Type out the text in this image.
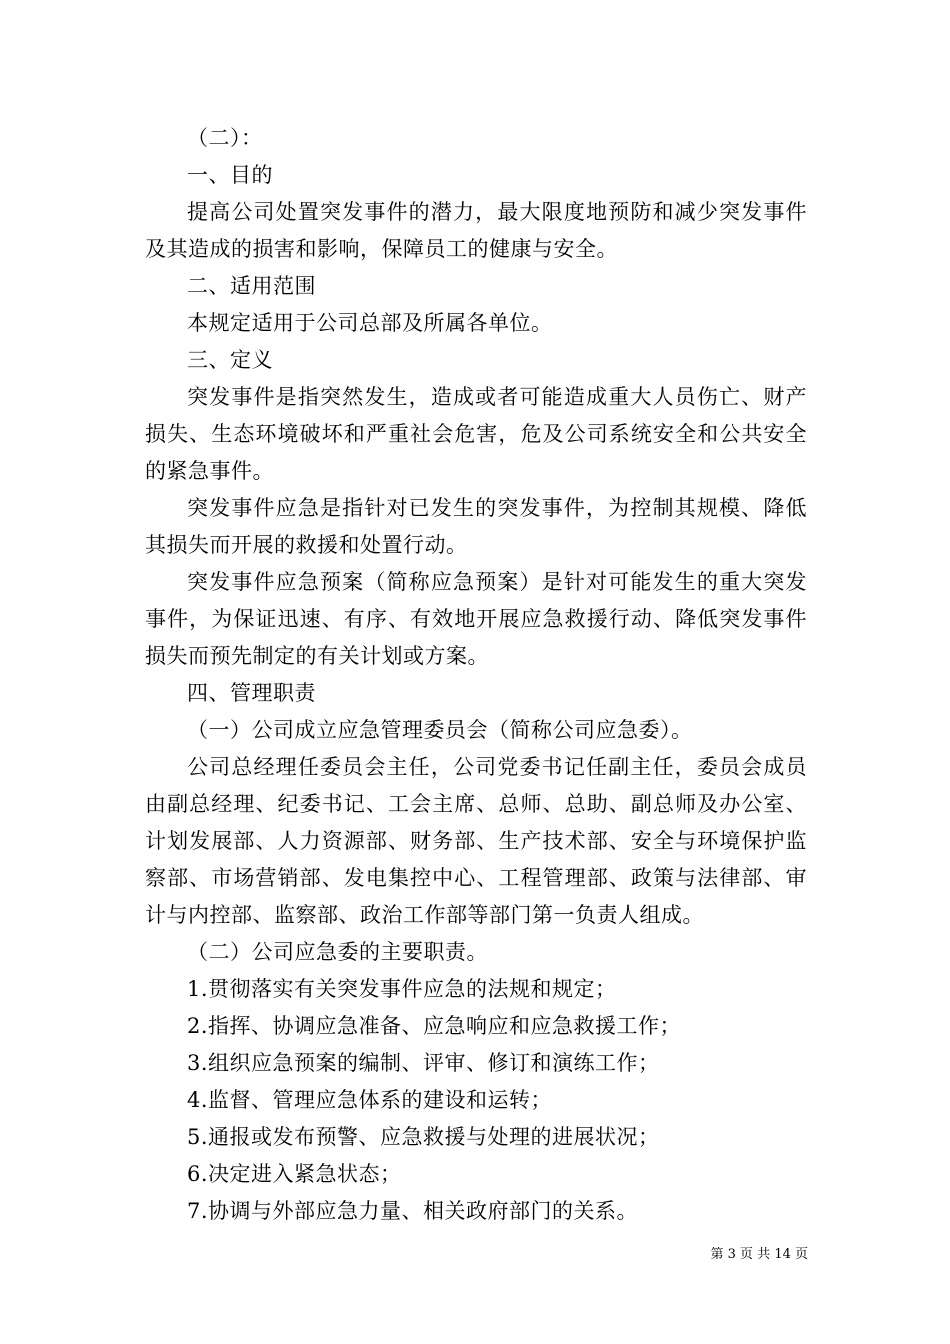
（二）：

一、目的

提高公司处置突发事件的潜力，最大限度地预防和减少突发事件及其造成的损害和影响，保障员工的健康与安全。

二、适用范围

本规定适用于公司总部及所属各单位。

三、定义

突发事件是指突然发生，造成或者可能造成重大人员伤亡、财产损失、生态环境破坏和严重社会危害，危及公司系统安全和公共安全的紧急事件。

突发事件应急是指针对已发生的突发事件，为控制其规模、降低其损失而开展的救援和处置行动。

突发事件应急预案（简称应急预案）是针对可能发生的重大突发事件，为保证迅速、有序、有效地开展应急救援行动、降低突发事件损失而预先制定的有关计划或方案。

四、管理职责

（一）公司成立应急管理委员会（简称公司应急委）。

公司总经理任委员会主任，公司党委书记任副主任，委员会成员由副总经理、纪委书记、工会主席、总师、总助、副总师及办公室、计划发展部、人力资源部、财务部、生产技术部、安全与环境保护监察部、市场营销部、发电集控中心、工程管理部、政策与法律部、审计与内控部、监察部、政治工作部等部门第一负责人组成。

（二）公司应急委的主要职责。

1.贯彻落实有关突发事件应急的法规和规定；

2.指挥、协调应急准备、应急响应和应急救援工作；

3.组织应急预案的编制、评审、修订和演练工作；

4.监督、管理应急体系的建设和运转；

5.通报或发布预警、应急救援与处理的进展状况；

6.决定进入紧急状态；

7.协调与外部应急力量、相关政府部门的关系。

第 3 页 共 14 页
